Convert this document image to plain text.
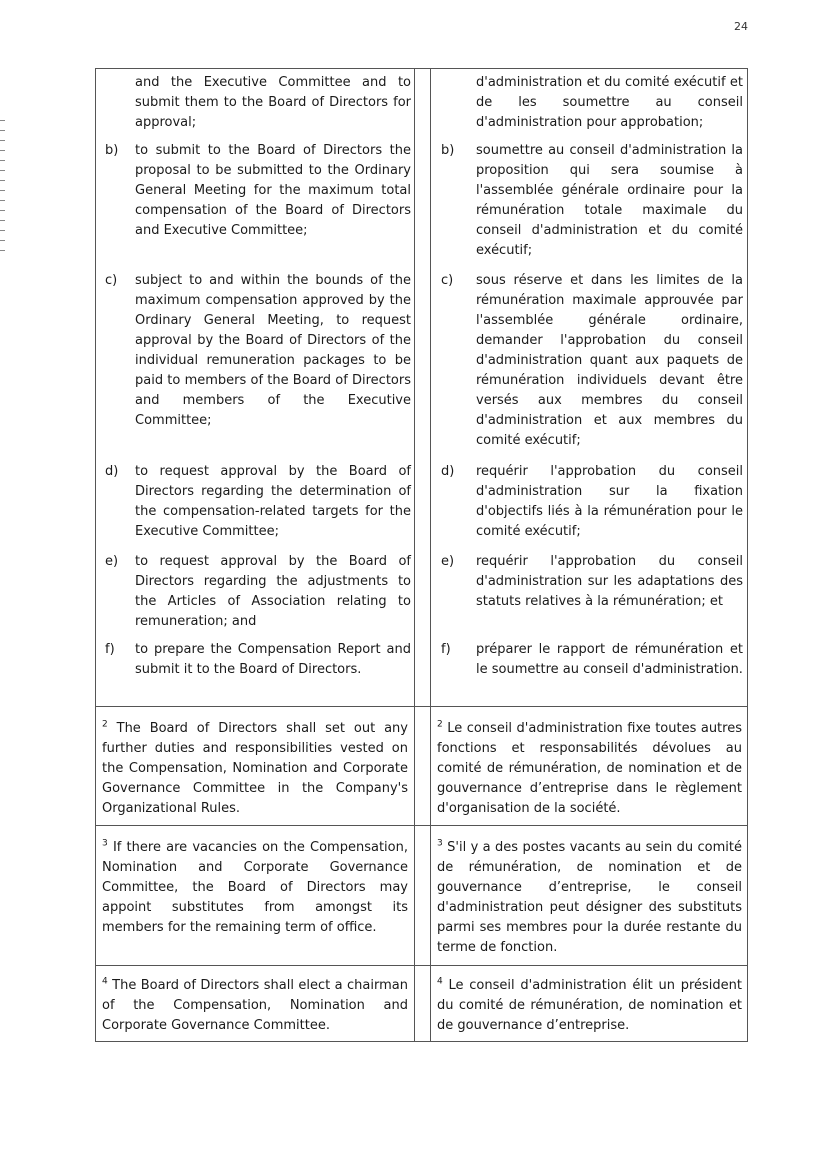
24

and the Executive Committee and to submit them to the Board of Directors for approval;

b) to submit to the Board of Directors the proposal to be submitted to the Ordinary General Meeting for the maximum total compensation of the Board of Directors and Executive Committee;
c) subject to and within the bounds of the maximum compensation approved by the Ordinary General Meeting, to request approval by the Board of Directors of the individual remuneration packages to be paid to members of the Board of Directors and members of the Executive Committee;
d) to request approval by the Board of Directors regarding the determination of the compensation-related targets for the Executive Committee;
e) to request approval by the Board of Directors regarding the adjustments to the Articles of Association relating to remuneration; and
f) to prepare the Compensation Report and submit it to the Board of Directors.

d'administration et du comité exécutif et de les soumettre au conseil d'administration pour approbation;

b) soumettre au conseil d'administration la proposition qui sera soumise à l'assemblée générale ordinaire pour la rémunération totale maximale du conseil d'administration et du comité exécutif;
c) sous réserve et dans les limites de la rémunération maximale approuvée par l'assemblée générale ordinaire, demander l'approbation du conseil d'administration quant aux paquets de rémunération individuels devant être versés aux membres du conseil d'administration et aux membres du comité exécutif;
d) requérir l'approbation du conseil d'administration sur la fixation d'objectifs liés à la rémunération pour le comité exécutif;
e) requérir l'approbation du conseil d'administration sur les adaptations des statuts relatives à la rémunération; et
f) préparer le rapport de rémunération et le soumettre au conseil d'administration.

$^2$ The Board of Directors shall set out any further duties and responsibilities vested on the Compensation, Nomination and Corporate Governance Committee in the Company's Organizational Rules.

$^2$ Le conseil d'administration fixe toutes autres fonctions et responsabilités dévolues au comité de rémunération, de nomination et de gouvernance d’entreprise dans le règlement d'organisation de la société.

$^3$ If there are vacancies on the Compensation, Nomination and Corporate Governance Committee, the Board of Directors may appoint substitutes from amongst its members for the remaining term of office.

$^3$ S'il y a des postes vacants au sein du comité de rémunération, de nomination et de gouvernance d’entreprise, le conseil d'administration peut désigner des substituts parmi ses membres pour la durée restante du terme de fonction.

$^4$ The Board of Directors shall elect a chairman of the Compensation, Nomination and Corporate Governance Committee.

$^4$ Le conseil d'administration élit un président du comité de rémunération, de nomination et de gouvernance d’entreprise.
